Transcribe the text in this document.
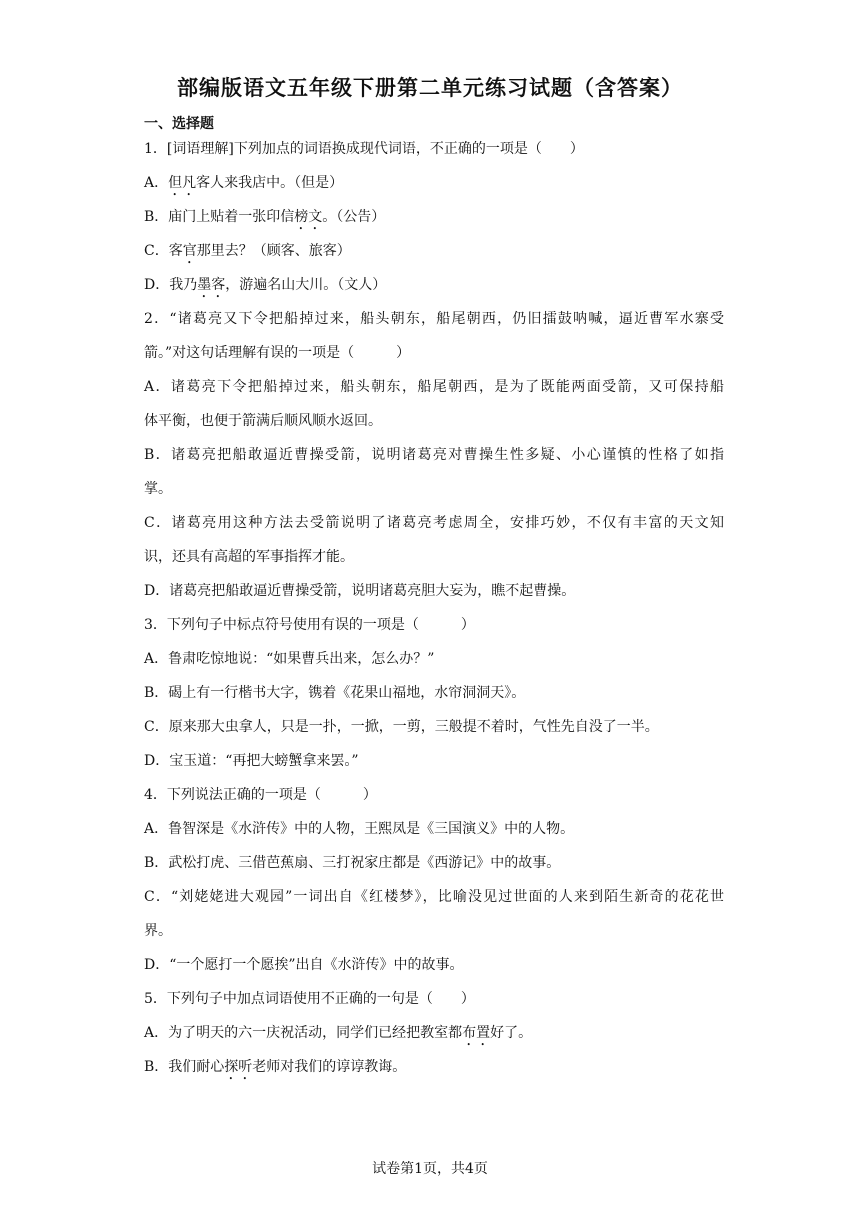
部编版语文五年级下册第二单元练习试题（含答案）
一、选择题
1．[词语理解]下列加点的词语换成现代词语，不正确的一项是（　　）
A．但凡客人来我店中。（但是）
B．庙门上贴着一张印信榜文。（公告）
C．客官那里去？（顾客、旅客）
D．我乃墨客，游遍名山大川。（文人）
2．“诸葛亮又下令把船掉过来，船头朝东，船尾朝西，仍旧擂鼓呐喊，逼近曹军水寨受
箭。”对这句话理解有误的一项是（　　　）
A．诸葛亮下令把船掉过来，船头朝东，船尾朝西，是为了既能两面受箭，又可保持船
体平衡，也便于箭满后顺风顺水返回。
B．诸葛亮把船敢逼近曹操受箭，说明诸葛亮对曹操生性多疑、小心谨慎的性格了如指
掌。
C．诸葛亮用这种方法去受箭说明了诸葛亮考虑周全，安排巧妙，不仅有丰富的天文知
识，还具有高超的军事指挥才能。
D．诸葛亮把船敢逼近曹操受箭，说明诸葛亮胆大妄为，瞧不起曹操。
3．下列句子中标点符号使用有误的一项是（　　　）
A．鲁肃吃惊地说：“如果曹兵出来，怎么办？”
B．碣上有一行楷书大字，镌着《花果山福地，水帘洞洞天》。
C．原来那大虫拿人，只是一扑，一掀，一剪，三般提不着时，气性先自没了一半。
D．宝玉道：“再把大螃蟹拿来罢。”
4．下列说法正确的一项是（　　　）
A．鲁智深是《水浒传》中的人物，王熙凤是《三国演义》中的人物。
B．武松打虎、三借芭蕉扇、三打祝家庄都是《西游记》中的故事。
C．“刘姥姥进大观园”一词出自《红楼梦》，比喻没见过世面的人来到陌生新奇的花花世
界。
D．“一个愿打一个愿挨”出自《水浒传》中的故事。
5．下列句子中加点词语使用不正确的一句是（　　）
A．为了明天的六一庆祝活动，同学们已经把教室都布置好了。
B．我们耐心探听老师对我们的谆谆教诲。
试卷第1页，共4页
